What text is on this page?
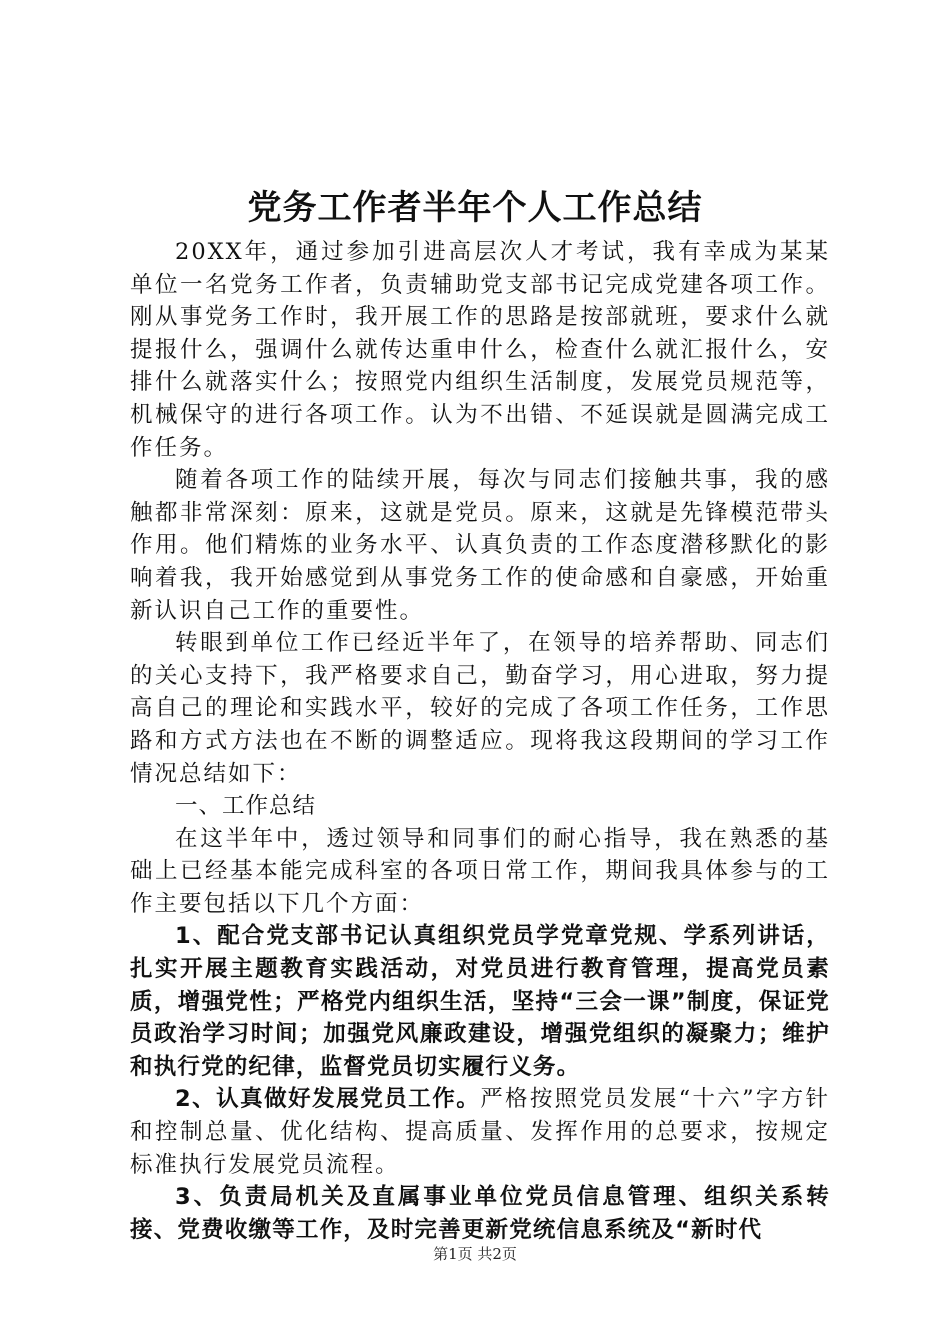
党务工作者半年个人工作总结

20XX年，通过参加引进高层次人才考试，我有幸成为某某单位一名党务工作者，负责辅助党支部书记完成党建各项工作。刚从事党务工作时，我开展工作的思路是按部就班，要求什么就提报什么，强调什么就传达重申什么，检查什么就汇报什么，安排什么就落实什么；按照党内组织生活制度，发展党员规范等，机械保守的进行各项工作。认为不出错、不延误就是圆满完成工作任务。

随着各项工作的陆续开展，每次与同志们接触共事，我的感触都非常深刻：原来，这就是党员。原来，这就是先锋模范带头作用。他们精炼的业务水平、认真负责的工作态度潜移默化的影响着我，我开始感觉到从事党务工作的使命感和自豪感，开始重新认识自己工作的重要性。

转眼到单位工作已经近半年了，在领导的培养帮助、同志们的关心支持下，我严格要求自己，勤奋学习，用心进取，努力提高自己的理论和实践水平，较好的完成了各项工作任务，工作思路和方式方法也在不断的调整适应。现将我这段期间的学习工作情况总结如下：

一、工作总结

在这半年中，透过领导和同事们的耐心指导，我在熟悉的基础上已经基本能完成科室的各项日常工作，期间我具体参与的工作主要包括以下几个方面：

1、配合党支部书记认真组织党员学党章党规、学系列讲话，扎实开展主题教育实践活动，对党员进行教育管理，提高党员素质，增强党性；严格党内组织生活，坚持“三会一课”制度，保证党员政治学习时间；加强党风廉政建设，增强党组织的凝聚力；维护和执行党的纪律，监督党员切实履行义务。

2、认真做好发展党员工作。严格按照党员发展“十六”字方针和控制总量、优化结构、提高质量、发挥作用的总要求，按规定标准执行发展党员流程。

3、负责局机关及直属事业单位党员信息管理、组织关系转接、党费收缴等工作，及时完善更新党统信息系统及“新时代

第1页 共2页
